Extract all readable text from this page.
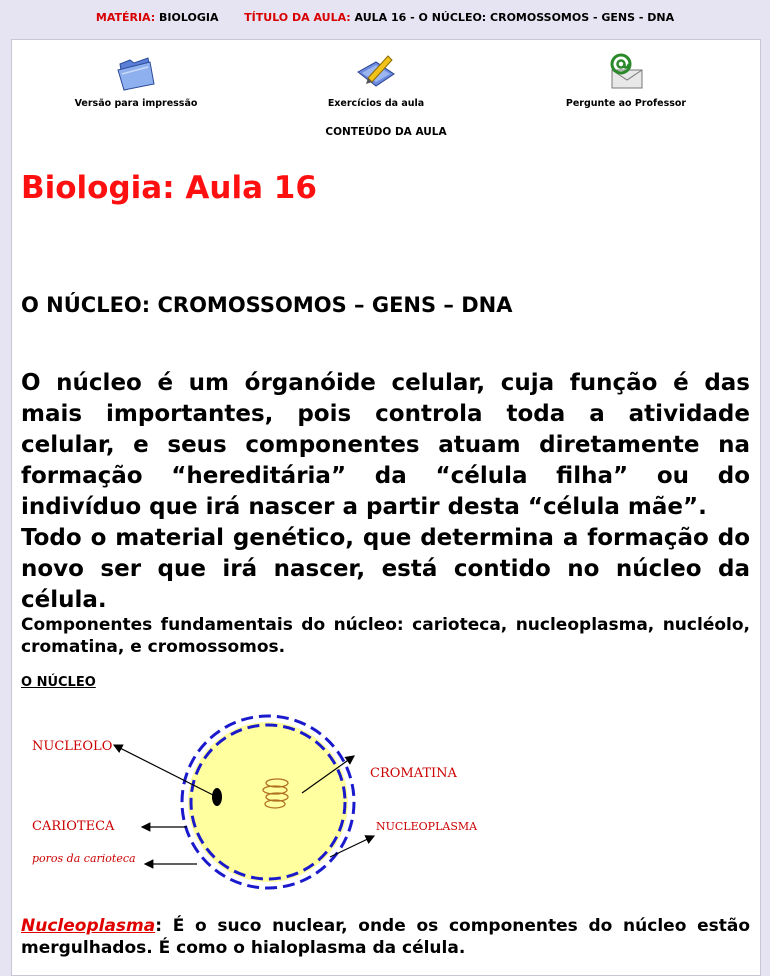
MATÉRIA: BIOLOGIA TÍTULO DA AULA: AULA 16 - O NÚCLEO: CROMOSSOMOS - GENS - DNA
Versão para impressão	Exercícios da aula	Pergunte ao Professor
CONTEÚDO DA AULA
Biologia: Aula 16
O NÚCLEO: CROMOSSOMOS – GENS – DNA

O núcleo é um órganóide celular, cuja função é das mais importantes, pois controla toda a atividade celular, e seus componentes atuam diretamente na formação “hereditária” da “célula filha” ou do indivíduo que irá nascer a partir desta “célula mãe”.

Todo o material genético, que determina a formação do novo ser que irá nascer, está contido no núcleo da célula.

Componentes fundamentais do núcleo: carioteca, nucleoplasma, nucléolo, cromatina, e cromossomos.

O NÚCLEO

NUCLEOLO
CARIOTECA
poros da carioteca
CROMATINA
NUCLEOPLASMA

Nucleoplasma: É o suco nuclear, onde os componentes do núcleo estão mergulhados. É como o hialoplasma da célula.
